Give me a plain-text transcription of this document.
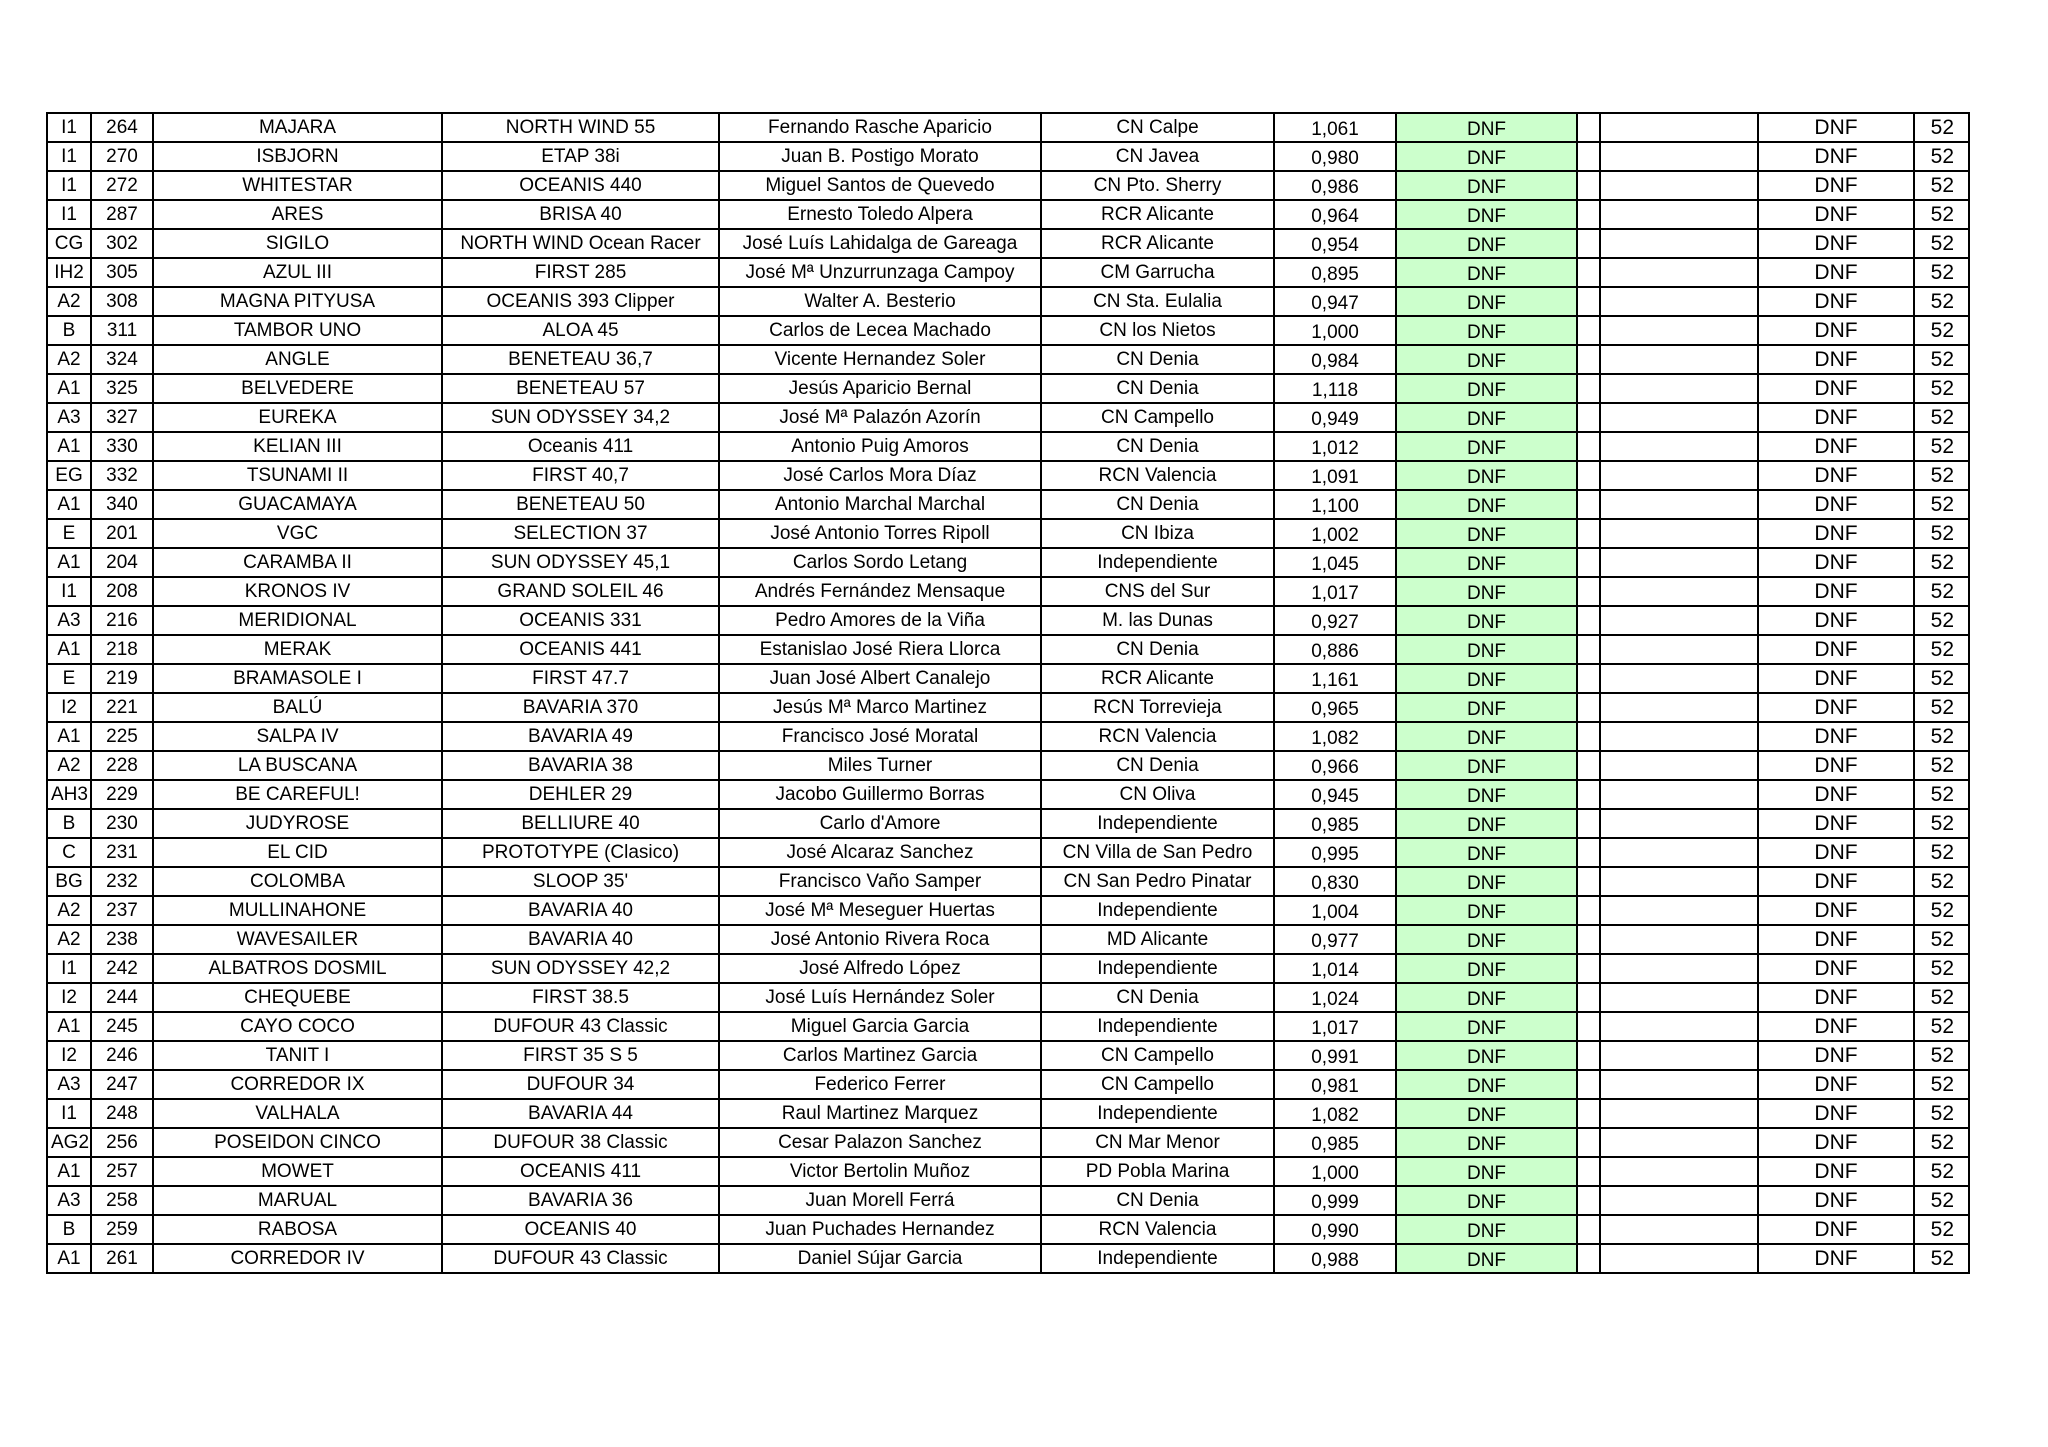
I1	264	MAJARA	NORTH WIND 55	Fernando Rasche Aparicio	CN Calpe	1,061	DNF			DNF	52
I1	270	ISBJORN	ETAP 38i	Juan B. Postigo Morato	CN Javea	0,980	DNF			DNF	52
I1	272	WHITESTAR	OCEANIS 440	Miguel Santos de Quevedo	CN Pto. Sherry	0,986	DNF			DNF	52
I1	287	ARES	BRISA 40	Ernesto Toledo Alpera	RCR Alicante	0,964	DNF			DNF	52
CG	302	SIGILO	NORTH WIND Ocean Racer	José Luís Lahidalga de Gareaga	RCR Alicante	0,954	DNF			DNF	52
IH2	305	AZUL III	FIRST 285	José Mª Unzurrunzaga Campoy	CM Garrucha	0,895	DNF			DNF	52
A2	308	MAGNA PITYUSA	OCEANIS 393 Clipper	Walter A. Besterio	CN Sta. Eulalia	0,947	DNF			DNF	52
B	311	TAMBOR UNO	ALOA 45	Carlos de Lecea Machado	CN los Nietos	1,000	DNF			DNF	52
A2	324	ANGLE	BENETEAU 36,7	Vicente Hernandez Soler	CN Denia	0,984	DNF			DNF	52
A1	325	BELVEDERE	BENETEAU 57	Jesús Aparicio Bernal	CN Denia	1,118	DNF			DNF	52
A3	327	EUREKA	SUN ODYSSEY 34,2	José Mª Palazón Azorín	CN Campello	0,949	DNF			DNF	52
A1	330	KELIAN III	Oceanis 411	Antonio Puig Amoros	CN Denia	1,012	DNF			DNF	52
EG	332	TSUNAMI II	FIRST 40,7	José Carlos Mora Díaz	RCN Valencia	1,091	DNF			DNF	52
A1	340	GUACAMAYA	BENETEAU 50	Antonio Marchal Marchal	CN Denia	1,100	DNF			DNF	52
E	201	VGC	SELECTION 37	José Antonio Torres Ripoll	CN Ibiza	1,002	DNF			DNF	52
A1	204	CARAMBA II	SUN ODYSSEY 45,1	Carlos Sordo Letang	Independiente	1,045	DNF			DNF	52
I1	208	KRONOS IV	GRAND SOLEIL 46	Andrés Fernández Mensaque	CNS del Sur	1,017	DNF			DNF	52
A3	216	MERIDIONAL	OCEANIS 331	Pedro Amores de la Viña	M. las Dunas	0,927	DNF			DNF	52
A1	218	MERAK	OCEANIS 441	Estanislao José Riera Llorca	CN Denia	0,886	DNF			DNF	52
E	219	BRAMASOLE I	FIRST 47.7	Juan José Albert Canalejo	RCR Alicante	1,161	DNF			DNF	52
I2	221	BALÚ	BAVARIA 370	Jesús Mª Marco Martinez	RCN Torrevieja	0,965	DNF			DNF	52
A1	225	SALPA IV	BAVARIA 49	Francisco José Moratal	RCN Valencia	1,082	DNF			DNF	52
A2	228	LA BUSCANA	BAVARIA 38	Miles Turner	CN Denia	0,966	DNF			DNF	52
AH3	229	BE CAREFUL!	DEHLER 29	Jacobo Guillermo Borras	CN Oliva	0,945	DNF			DNF	52
B	230	JUDYROSE	BELLIURE 40	Carlo d'Amore	Independiente	0,985	DNF			DNF	52
C	231	EL CID	PROTOTYPE (Clasico)	José Alcaraz Sanchez	CN Villa de San Pedro	0,995	DNF			DNF	52
BG	232	COLOMBA	SLOOP 35'	Francisco Vaño Samper	CN San Pedro Pinatar	0,830	DNF			DNF	52
A2	237	MULLINAHONE	BAVARIA 40	José Mª Meseguer Huertas	Independiente	1,004	DNF			DNF	52
A2	238	WAVESAILER	BAVARIA 40	José Antonio Rivera Roca	MD Alicante	0,977	DNF			DNF	52
I1	242	ALBATROS DOSMIL	SUN ODYSSEY 42,2	José Alfredo López	Independiente	1,014	DNF			DNF	52
I2	244	CHEQUEBE	FIRST 38.5	José Luís Hernández Soler	CN Denia	1,024	DNF			DNF	52
A1	245	CAYO COCO	DUFOUR 43 Classic	Miguel Garcia Garcia	Independiente	1,017	DNF			DNF	52
I2	246	TANIT I	FIRST 35 S 5	Carlos Martinez Garcia	CN Campello	0,991	DNF			DNF	52
A3	247	CORREDOR IX	DUFOUR 34	Federico Ferrer	CN Campello	0,981	DNF			DNF	52
I1	248	VALHALA	BAVARIA 44	Raul Martinez Marquez	Independiente	1,082	DNF			DNF	52
AG2	256	POSEIDON CINCO	DUFOUR 38 Classic	Cesar Palazon Sanchez	CN Mar Menor	0,985	DNF			DNF	52
A1	257	MOWET	OCEANIS 411	Victor Bertolin Muñoz	PD Pobla Marina	1,000	DNF			DNF	52
A3	258	MARUAL	BAVARIA 36	Juan Morell Ferrá	CN Denia	0,999	DNF			DNF	52
B	259	RABOSA	OCEANIS 40	Juan Puchades Hernandez	RCN Valencia	0,990	DNF			DNF	52
A1	261	CORREDOR IV	DUFOUR 43 Classic	Daniel Sújar Garcia	Independiente	0,988	DNF			DNF	52
